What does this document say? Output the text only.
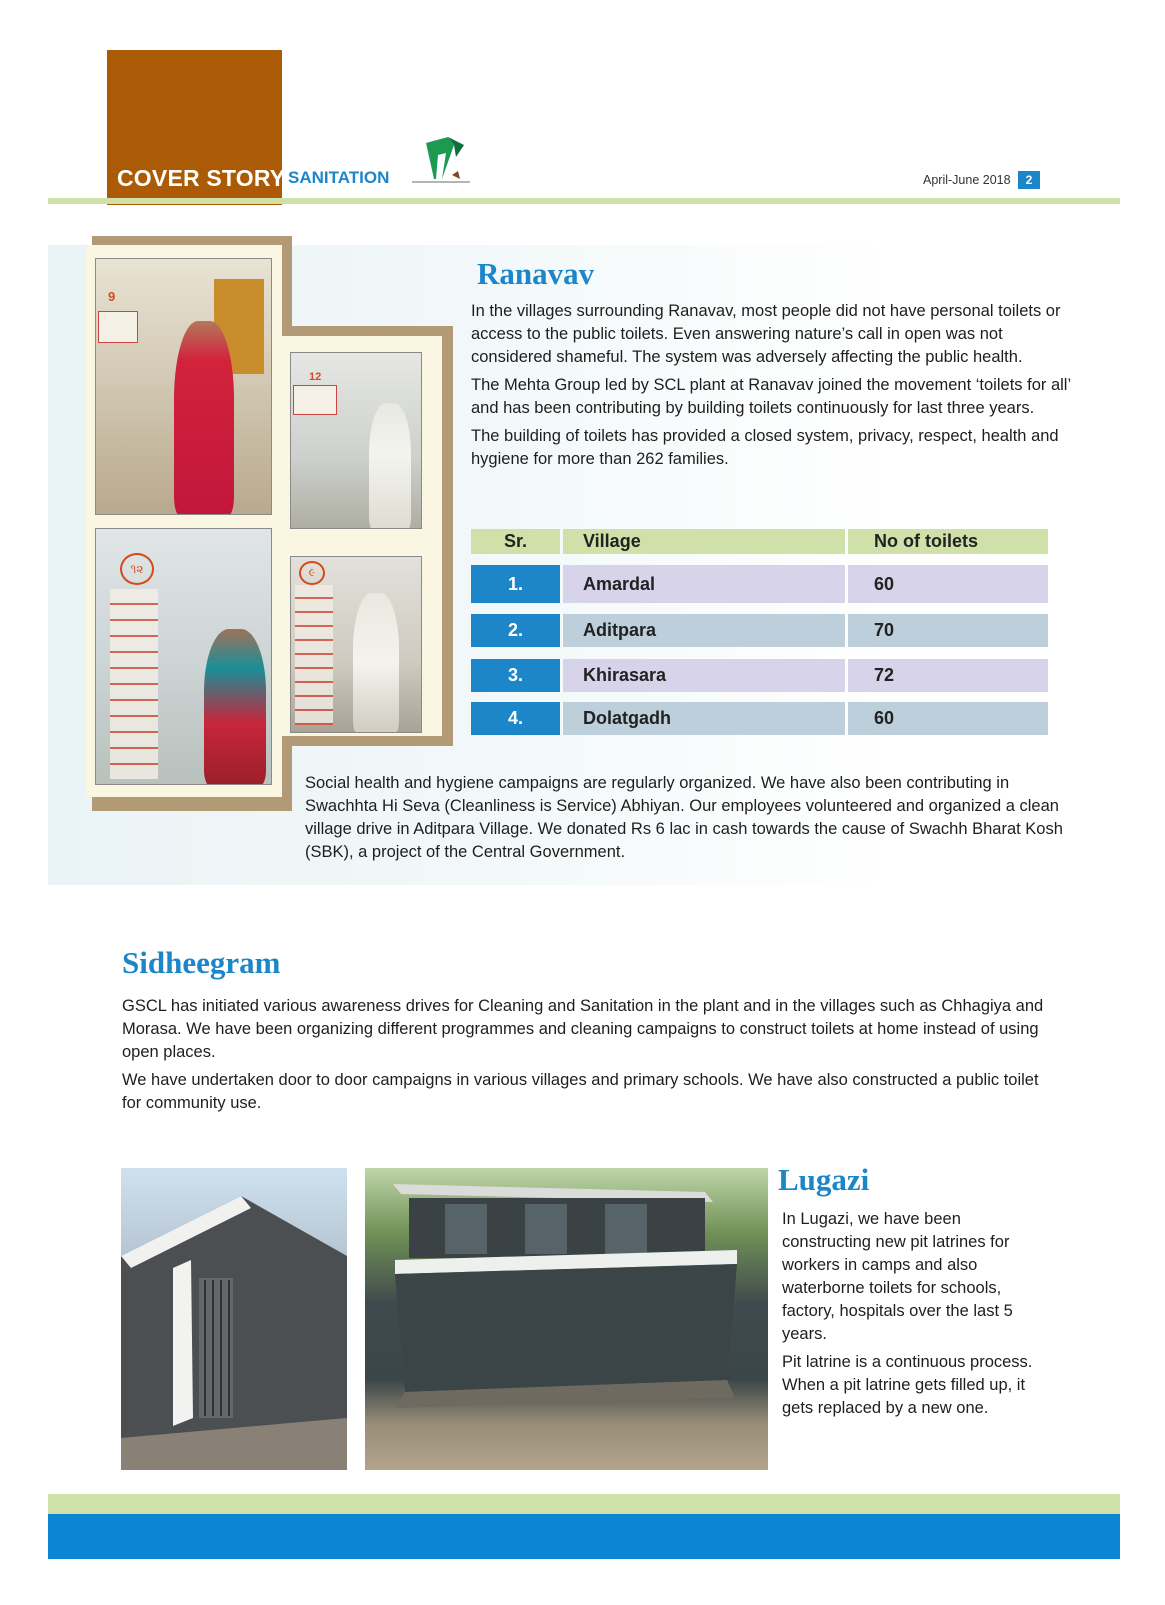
COVER STORY SANITATION	April-June 2018	2
9
12
૧૨	૯
Ranavav

In the villages surrounding Ranavav, most people did not have personal toilets or access to the public toilets. Even answering nature’s call in open was not considered shameful. The system was adversely affecting the public health.

The Mehta Group led by SCL plant at Ranavav joined the movement ‘toilets for all’ and has been contributing by building toilets continuously for last three years.

The building of toilets has provided a closed system, privacy, respect, health and hygiene for more than 262 families.

Sr.	Village	No of toilets
1.	Amardal	60
2.	Aditpara	70
3.	Khirasara	72
4.	Dolatgadh	60

Social health and hygiene campaigns are regularly organized. We have also been contributing in Swachhta Hi Seva (Cleanliness is Service) Abhiyan. Our employees volunteered and organized a clean village drive in Aditpara Village. We donated Rs 6 lac in cash towards the cause of Swachh Bharat Kosh (SBK), a project of the Central Government.

Sidheegram

GSCL has initiated various awareness drives for Cleaning and Sanitation in the plant and in the villages such as Chhagiya and Morasa. We have been organizing different programmes and cleaning campaigns to construct toilets at home instead of using open places.

We have undertaken door to door campaigns in various villages and primary schools. We have also constructed a public toilet for community use.

Lugazi

In Lugazi, we have been constructing new pit latrines for workers in camps and also waterborne toilets for schools, factory, hospitals over the last 5 years.

Pit latrine is a continuous process. When a pit latrine gets filled up, it gets replaced by a new one.
